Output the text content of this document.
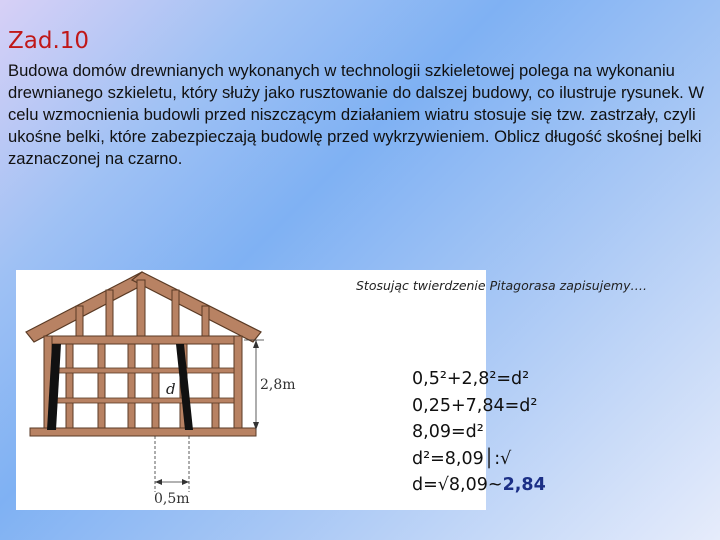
Zad.10
Budowa domów drewnianych wykonanych w technologii szkieletowej polega na wykonaniu drewnianego szkieletu, który służy jako rusztowanie do dalszej budowy, co ilustruje rysunek. W celu wzmocnienia budowli przed niszczącym działaniem wiatru stosuje się tzw. zastrzały, czyli ukośne belki, które zabezpieczają budowlę przed wykrzywieniem. Oblicz długość skośnej belki zaznaczonej na czarno.
d	2,8m
0,5m
Stosując twierdzenie Pitagorasa zapisujemy….
0,5²+2,8²=d²
0,25+7,84=d²
8,09=d²
d²=8,09│:√
d=√8,09~2,84
